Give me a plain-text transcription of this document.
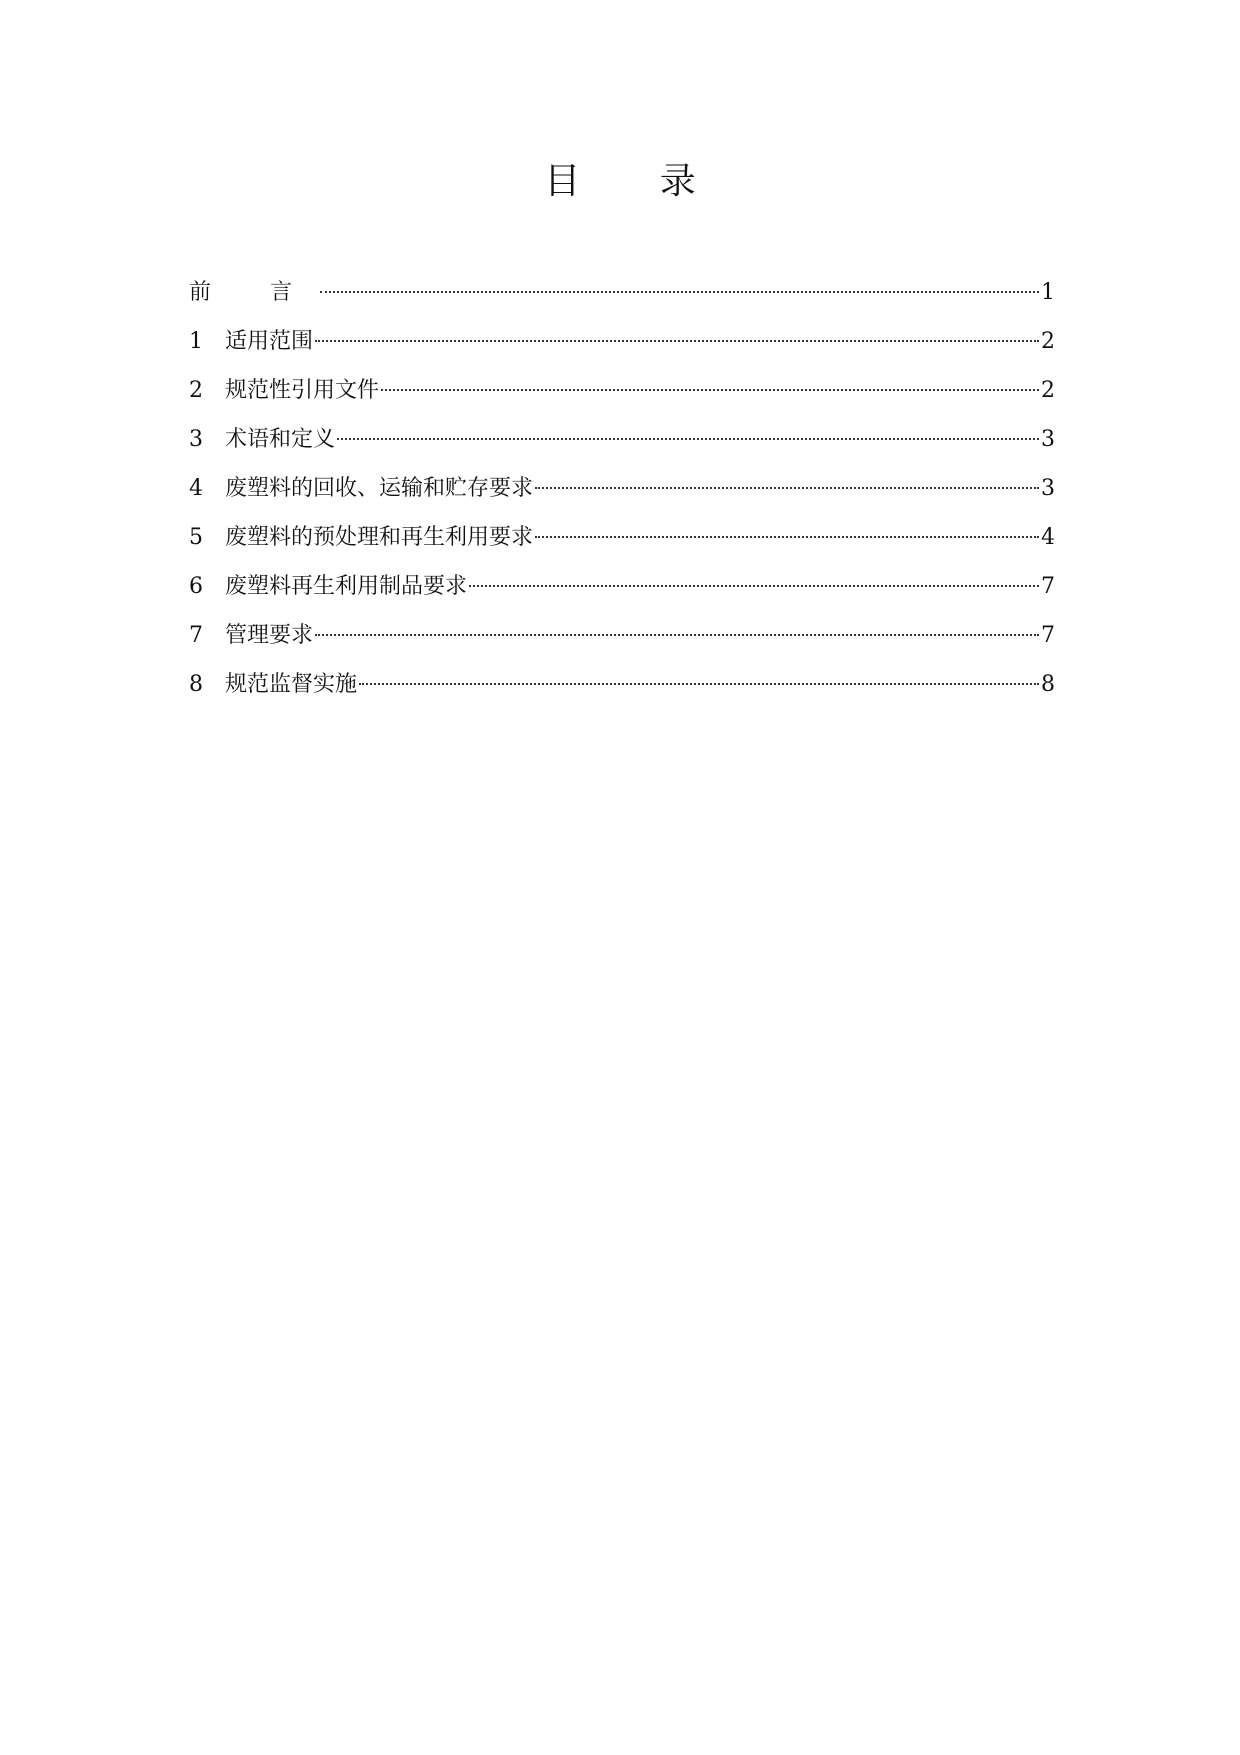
目 录
前 言	1
1	适用范围	2
2	规范性引用文件	2
3	术语和定义	3
4	废塑料的回收、运输和贮存要求	3
5	废塑料的预处理和再生利用要求	4
6	废塑料再生利用制品要求	7
7	管理要求	7
8	规范监督实施	8
